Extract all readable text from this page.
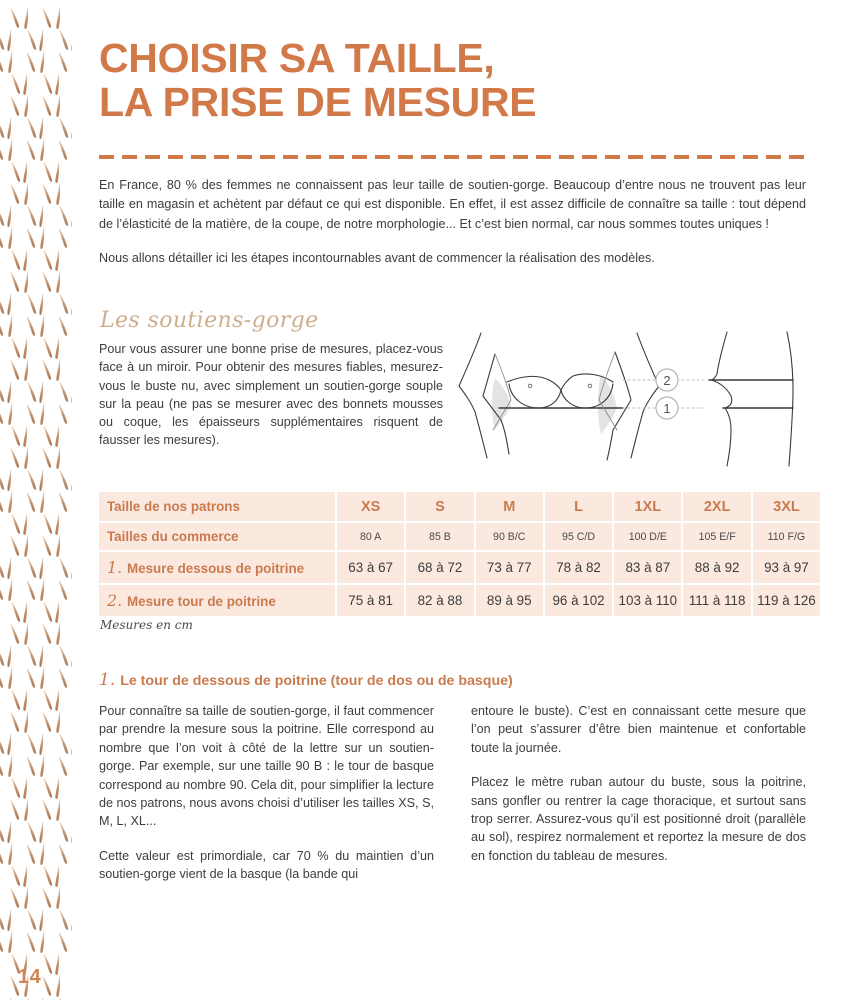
14
CHOISIR SA TAILLE,
LA PRISE DE MESURE

En France, 80 % des femmes ne connaissent pas leur taille de soutien-gorge. Beaucoup d’entre nous ne trouvent pas leur taille en magasin et achètent par défaut ce qui est disponible. En effet, il est assez difficile de connaître sa taille : tout dépend de l’élasticité de la matière, de la coupe, de notre morphologie... Et c’est bien normal, car nous sommes toutes uniques !

Nous allons détailler ici les étapes incontournables avant de commencer la réalisation des modèles.

Les soutiens-gorge

Pour vous assurer une bonne prise de mesures, placez-vous face à un miroir. Pour obtenir des mesures fiables, mesurez-vous le buste nu, avec simplement un soutien-gorge souple sur la peau (ne pas se mesurer avec des bonnets mousses ou coque, les épaisseurs supplémentaires risquent de fausser les mesures).

2
1
Taille de nos patrons	XS	S	M	L	1XL	2XL	3XL

Tailles du commerce	80 A	85 B	90 B/C	95 C/D	100 D/E	105 E/F	110 F/G

1. Mesure dessous de poitrine	63 à 67	68 à 72	73 à 77	78 à 82	83 à 87	88 à 92	93 à 97

2. Mesure tour de poitrine	75 à 81	82 à 88	89 à 95	96 à 102	103 à 110	111 à 118	119 à 126
Mesures en cm
1. Le tour de dessous de poitrine (tour de dos ou de basque)

Pour connaître sa taille de soutien-gorge, il faut commencer par prendre la mesure sous la poitrine. Elle correspond au nombre que l’on voit à côté de la lettre sur un soutien-gorge. Par exemple, sur une taille 90 B : le tour de basque correspond au nombre 90. Cela dit, pour simplifier la lecture de nos patrons, nous avons choisi d’utiliser les tailles XS, S, M, L, XL...

Cette valeur est primordiale, car 70 % du maintien d’un soutien-gorge vient de la basque (la bande qui

entoure le buste). C’est en connaissant cette mesure que l’on peut s’assurer d’être bien maintenue et confortable toute la journée.

Placez le mètre ruban autour du buste, sous la poitrine, sans gonfler ou rentrer la cage thoracique, et surtout sans trop serrer. Assurez-vous qu’il est positionné droit (parallèle au sol), respirez normalement et reportez la mesure de dos en fonction du tableau de mesures.
